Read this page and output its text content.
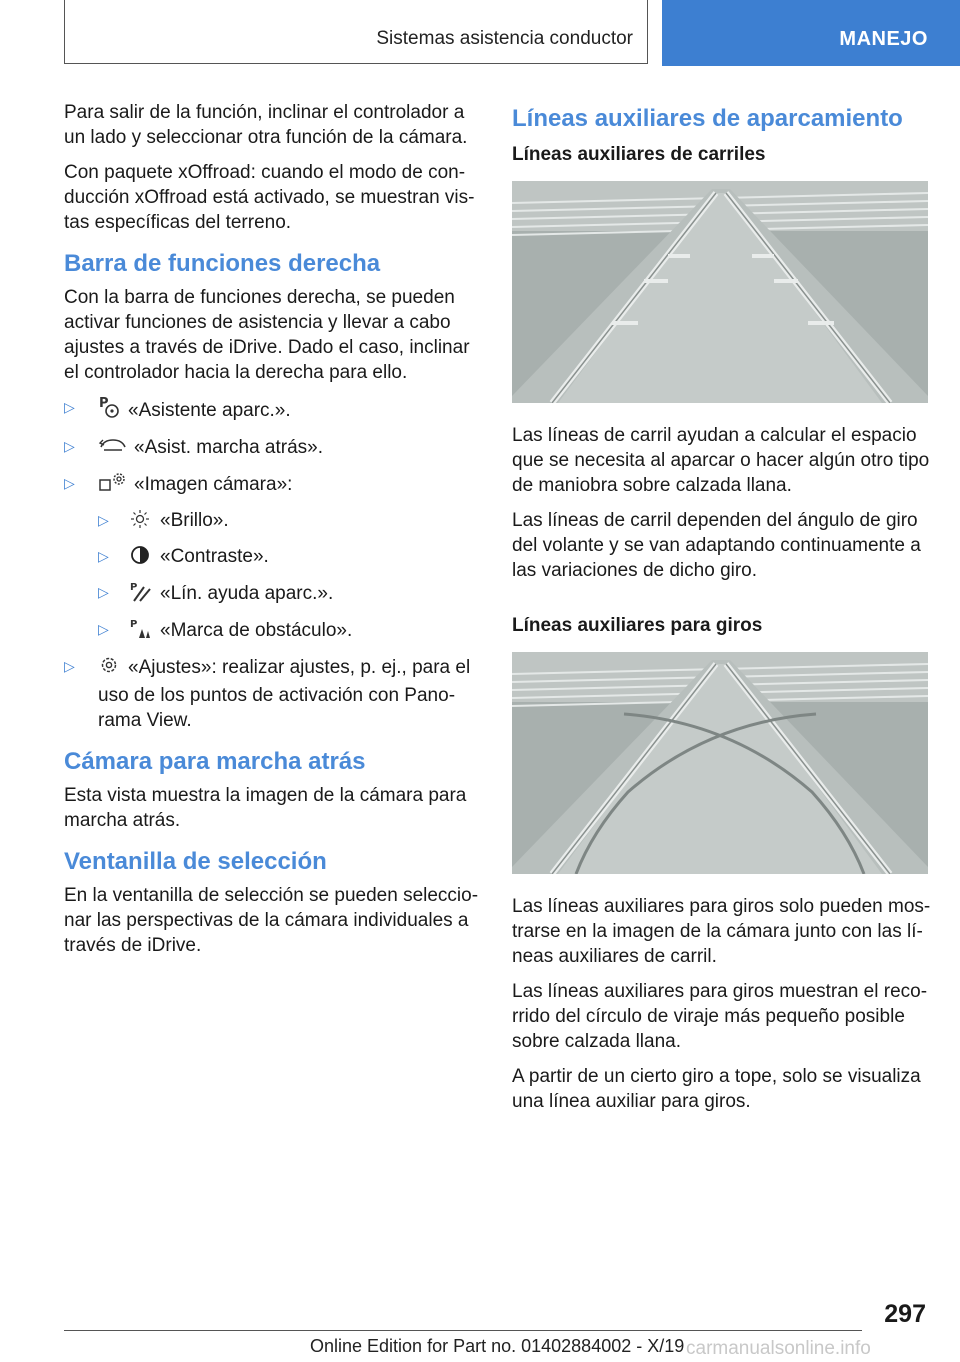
Sistemas asistencia conductor	MANEJO

Para salir de la función, inclinar el controlador a un lado y seleccionar otra función de la cámara.

Con paquete xOffroad: cuando el modo de conducción xOffroad está activado, se muestran vistas específicas del terreno.

Barra de funciones derecha

Con la barra de funciones derecha, se pueden activar funciones de asistencia y llevar a cabo ajustes a través de iDrive. Dado el caso, inclinar el controlador hacia la derecha para ello.

▷ P «Asistente aparc.».
▷	«Asist. marcha atrás».
▷	«Imagen cámara»:
▷	«Brillo».
▷	«Contraste».
▷ P «Lín. ayuda aparc.».
▷ P «Marca de obstáculo».
▷	«Ajustes»: realizar ajustes, p. ej., para el uso de los puntos de activación con Panorama View.
Cámara para marcha atrás

Esta vista muestra la imagen de la cámara para marcha atrás.

Ventanilla de selección

En la ventanilla de selección se pueden seleccionar las perspectivas de la cámara individuales a través de iDrive.

Líneas auxiliares de aparcamiento
Líneas auxiliares de carriles

Las líneas de carril ayudan a calcular el espacio que se necesita al aparcar o hacer algún otro tipo de maniobra sobre calzada llana.

Las líneas de carril dependen del ángulo de giro del volante y se van adaptando continuamente a las variaciones de dicho giro.

Líneas auxiliares para giros

Las líneas auxiliares para giros solo pueden mostrarse en la imagen de la cámara junto con las líneas auxiliares de carril.

Las líneas auxiliares para giros muestran el recorrido del círculo de viraje más pequeño posible sobre calzada llana.

A partir de un cierto giro a tope, solo se visualiza una línea auxiliar para giros.

297
Online Edition for Part no. 01402884002 - X/19 carmanualsonline.info
